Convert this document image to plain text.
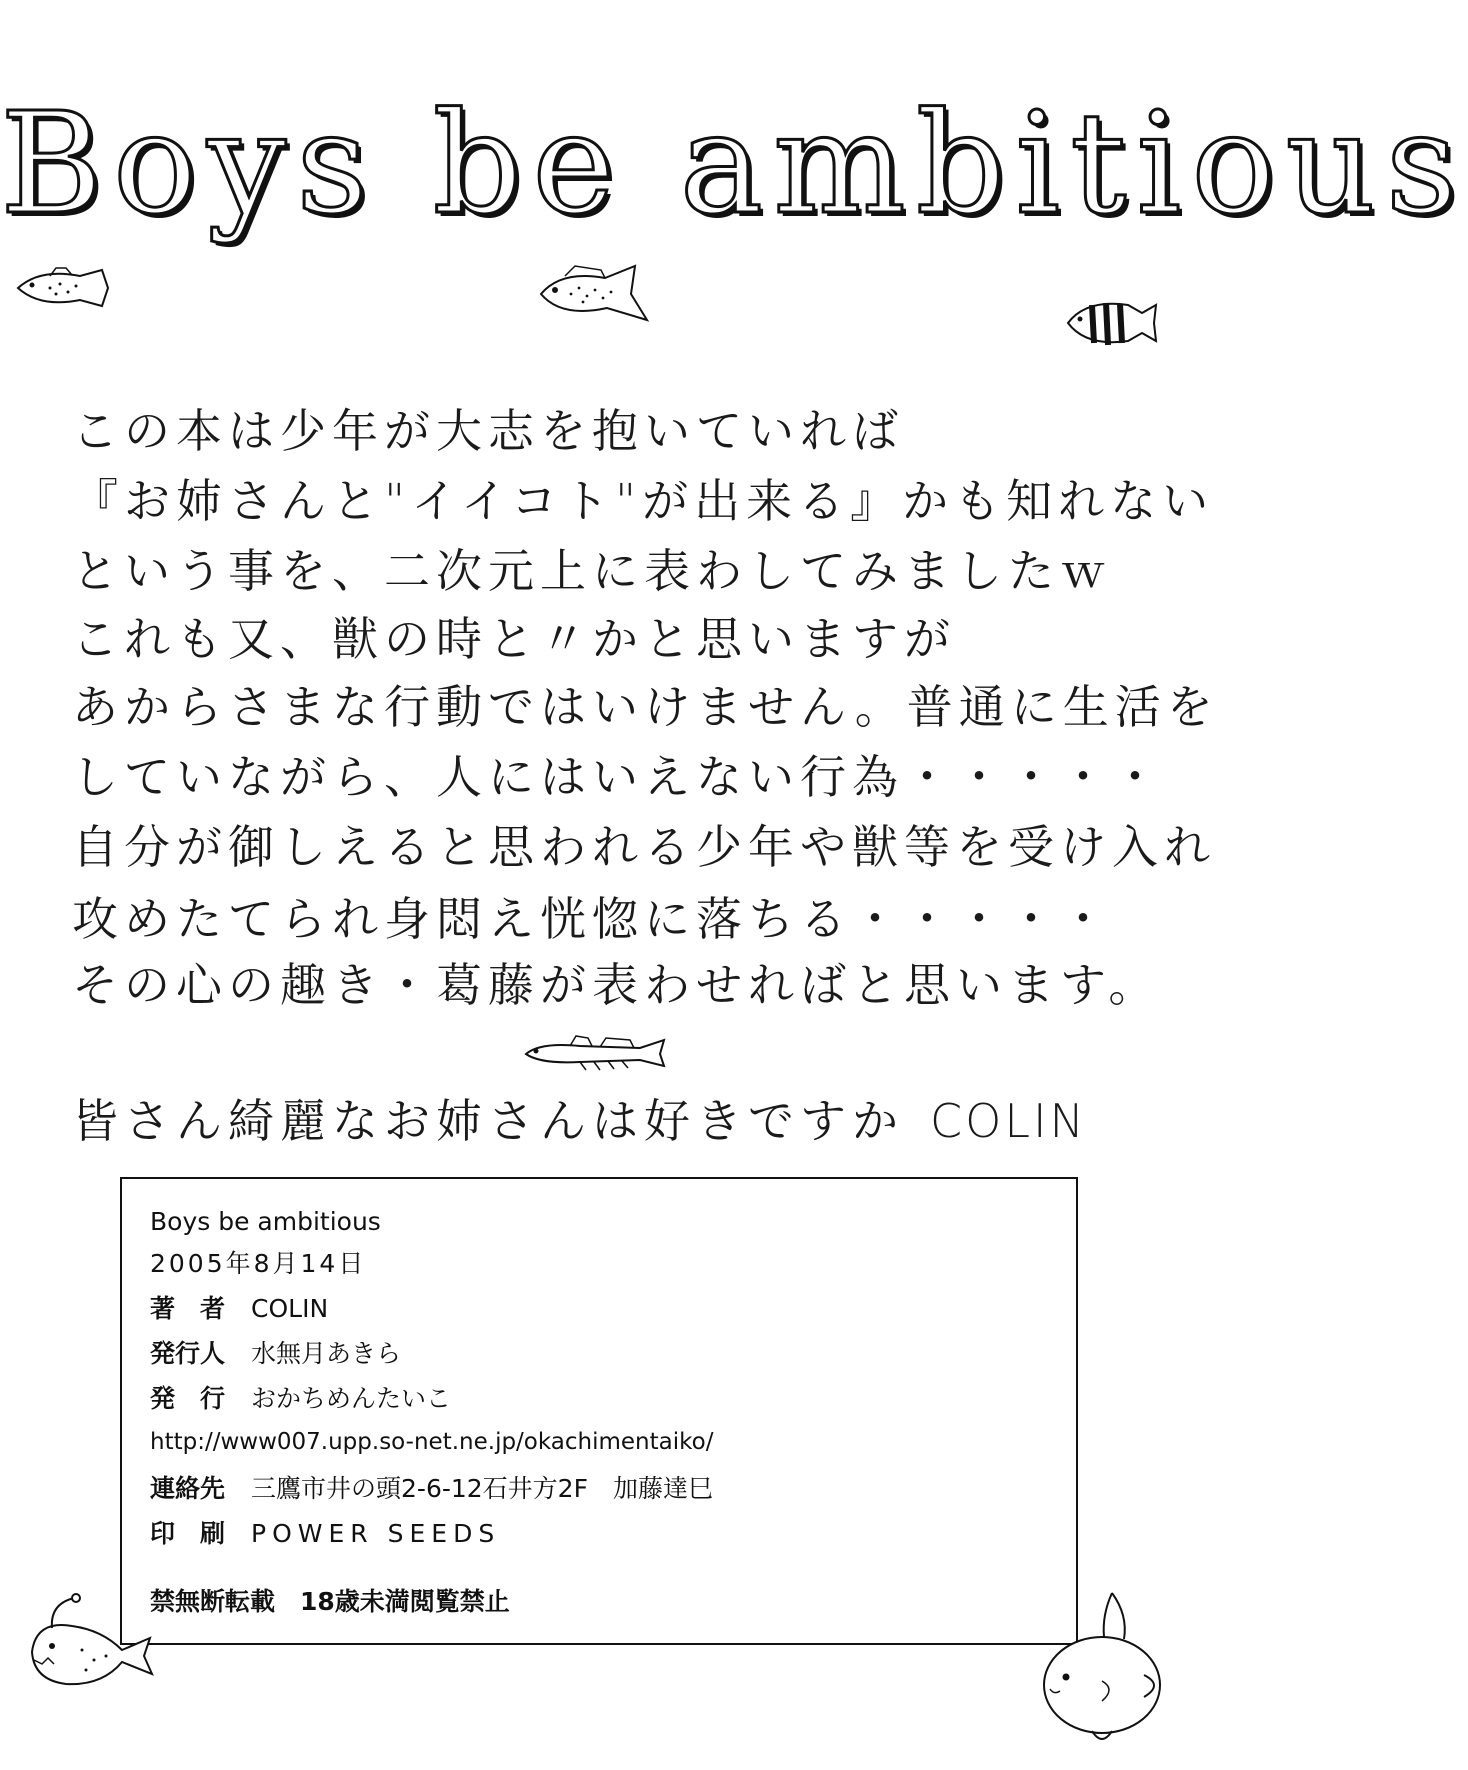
Boys be ambitious
この本は少年が大志を抱いていれば
『お姉さんと"イイコト"が出来る』かも知れない
という事を、二次元上に表わしてみましたｗ
これも又、獣の時と〃かと思いますが
あからさまな行動ではいけません。普通に生活を
していながら、人にはいえない行為・・・・・
自分が御しえると思われる少年や獣等を受け入れ
攻めたてられ身悶え恍惚に落ちる・・・・・
その心の趣き・葛藤が表わせればと思います。
皆さん綺麗なお姉さんは好きですか COLIN
Boys be ambitious
2005年8月14日
著　者 COLIN
発行人 水無月あきら
発　行 おかちめんたいこ
http://www007.upp.so-net.ne.jp/okachimentaiko/
連絡先 三鷹市井の頭2-6-12石井方2F　加藤達巳
印　刷 POWER SEEDS
禁無断転載　18歳未満閲覧禁止
